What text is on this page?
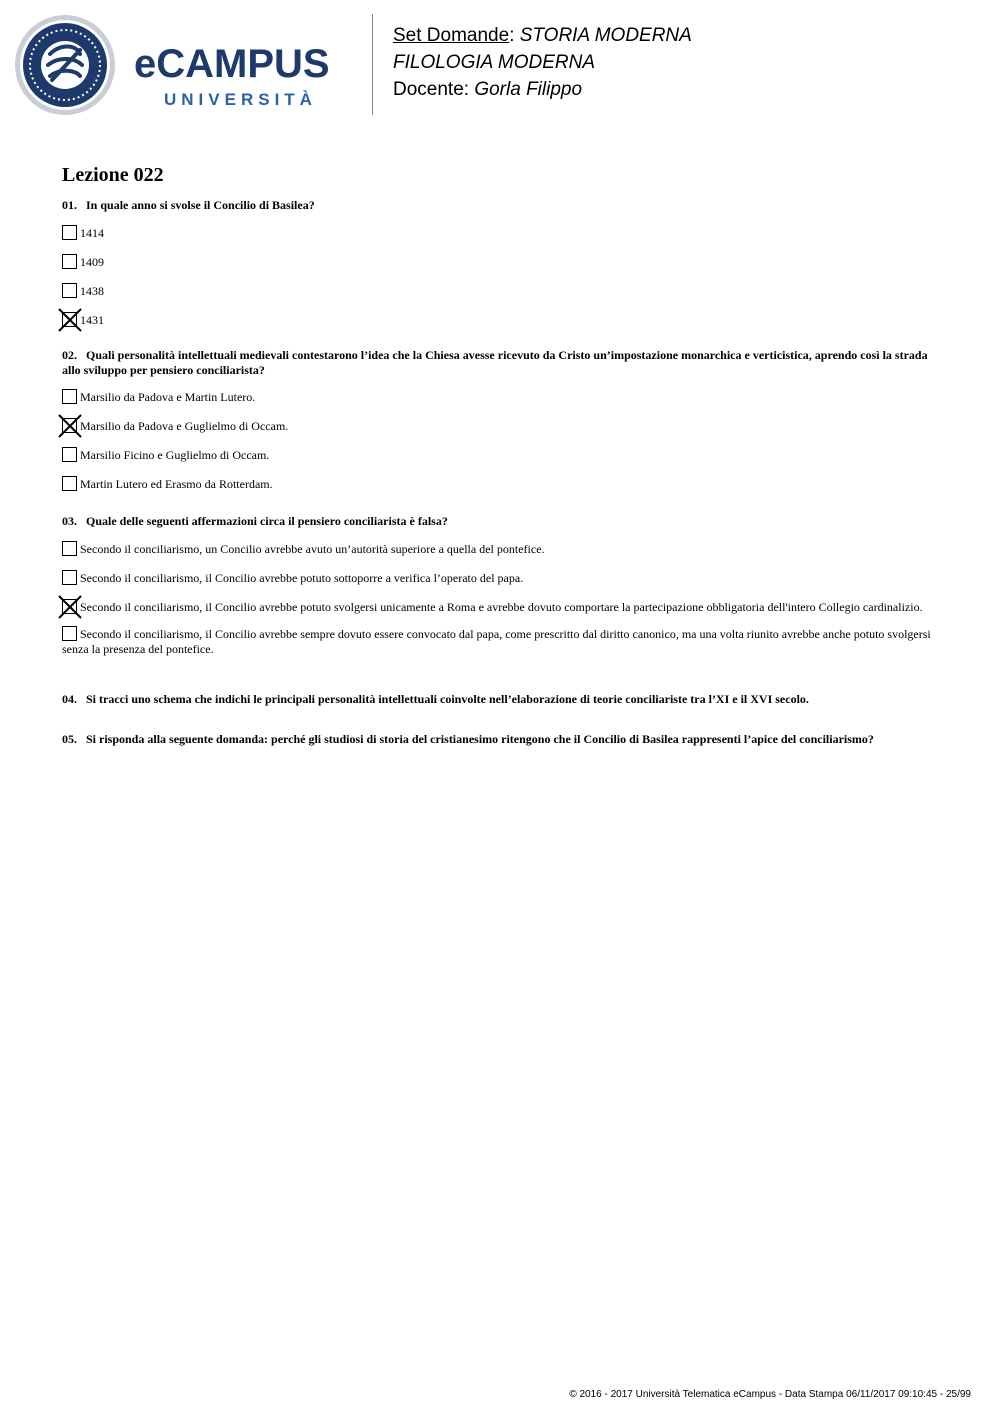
eCAMPUS
UNIVERSITÀ
Set Domande: STORIA MODERNA
FILOLOGIA MODERNA
Docente: Gorla Filippo
Lezione 022
01. In quale anno si svolse il Concilio di Basilea?
1414
1409
1438
1431
02. Quali personalità intellettuali medievali contestarono l’idea che la Chiesa avesse ricevuto da Cristo un’impostazione monarchica e verticistica, aprendo così la strada allo sviluppo per pensiero conciliarista?
Marsilio da Padova e Martin Lutero.
Marsilio da Padova e Guglielmo di Occam.
Marsilio Ficino e Guglielmo di Occam.
Martin Lutero ed Erasmo da Rotterdam.
03. Quale delle seguenti affermazioni circa il pensiero conciliarista è falsa?
Secondo il conciliarismo, un Concilio avrebbe avuto un’autorità superiore a quella del pontefice.
Secondo il conciliarismo, il Concilio avrebbe potuto sottoporre a verifica l’operato del papa.
Secondo il conciliarismo, il Concilio avrebbe potuto svolgersi unicamente a Roma e avrebbe dovuto comportare la partecipazione obbligatoria dell'intero Collegio cardinalizio.
Secondo il conciliarismo, il Concilio avrebbe sempre dovuto essere convocato dal papa, come prescritto dal diritto canonico, ma una volta riunito avrebbe anche potuto svolgersi senza la presenza del pontefice.
04. Si tracci uno schema che indichi le principali personalità intellettuali coinvolte nell’elaborazione di teorie conciliariste tra l’XI e il XVI secolo.
05. Si risponda alla seguente domanda: perché gli studiosi di storia del cristianesimo ritengono che il Concilio di Basilea rappresenti l’apice del conciliarismo?
© 2016 - 2017 Università Telematica eCampus - Data Stampa 06/11/2017 09:10:45 - 25/99
